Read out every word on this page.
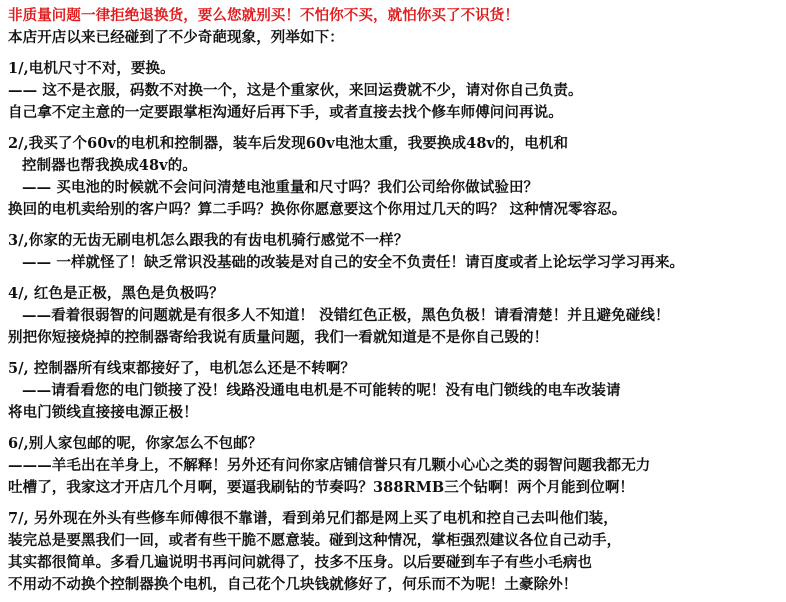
非质量问题一律拒绝退换货，要么您就别买！不怕你不买，就怕你买了不识货！
本店开店以来已经碰到了不少奇葩现象，列举如下：
1/,电机尺寸不对，要换。
—— 这不是衣服，码数不对换一个，这是个重家伙，来回运费就不少，请对你自己负责。
自己拿不定主意的一定要跟掌柜沟通好后再下手，或者直接去找个修车师傅问问再说。
2/,我买了个60v的电机和控制器，装车后发现60v电池太重，我要换成48v的，电机和
控制器也帮我换成48v的。
—— 买电池的时候就不会问问清楚电池重量和尺寸吗？我们公司给你做试验田？
换回的电机卖给别的客户吗？算二手吗？换你你愿意要这个你用过几天的吗？ 这种情况零容忍。
3/,你家的无齿无刷电机怎么跟我的有齿电机骑行感觉不一样？
—— 一样就怪了！缺乏常识没基础的改装是对自己的安全不负责任！请百度或者上论坛学习学习再来。
4/, 红色是正极，黑色是负极吗？
——看着很弱智的问题就是有很多人不知道！ 没错红色正极，黑色负极！请看清楚！并且避免碰线！
别把你短接烧掉的控制器寄给我说有质量问题，我们一看就知道是不是你自己毁的！
5/, 控制器所有线束都接好了，电机怎么还是不转啊？
——请看看您的电门锁接了没！线路没通电电机是不可能转的呢！没有电门锁线的电车改装请
将电门锁线直接接电源正极！
6/,别人家包邮的呢，你家怎么不包邮？
———羊毛出在羊身上，不解释！另外还有问你家店铺信誉只有几颗小心心之类的弱智问题我都无力
吐槽了，我家这才开店几个月啊，要逼我刷钻的节奏吗？388RMB三个钻啊！两个月能到位啊！
7/, 另外现在外头有些修车师傅很不靠谱，看到弟兄们都是网上买了电机和控自己去叫他们装，
装完总是要黑我们一回，或者有些干脆不愿意装。碰到这种情况，掌柜强烈建议各位自己动手，
其实都很简单。多看几遍说明书再问问就得了，技多不压身。以后要碰到车子有些小毛病也
不用动不动换个控制器换个电机，自己花个几块钱就修好了，何乐而不为呢！土豪除外！
